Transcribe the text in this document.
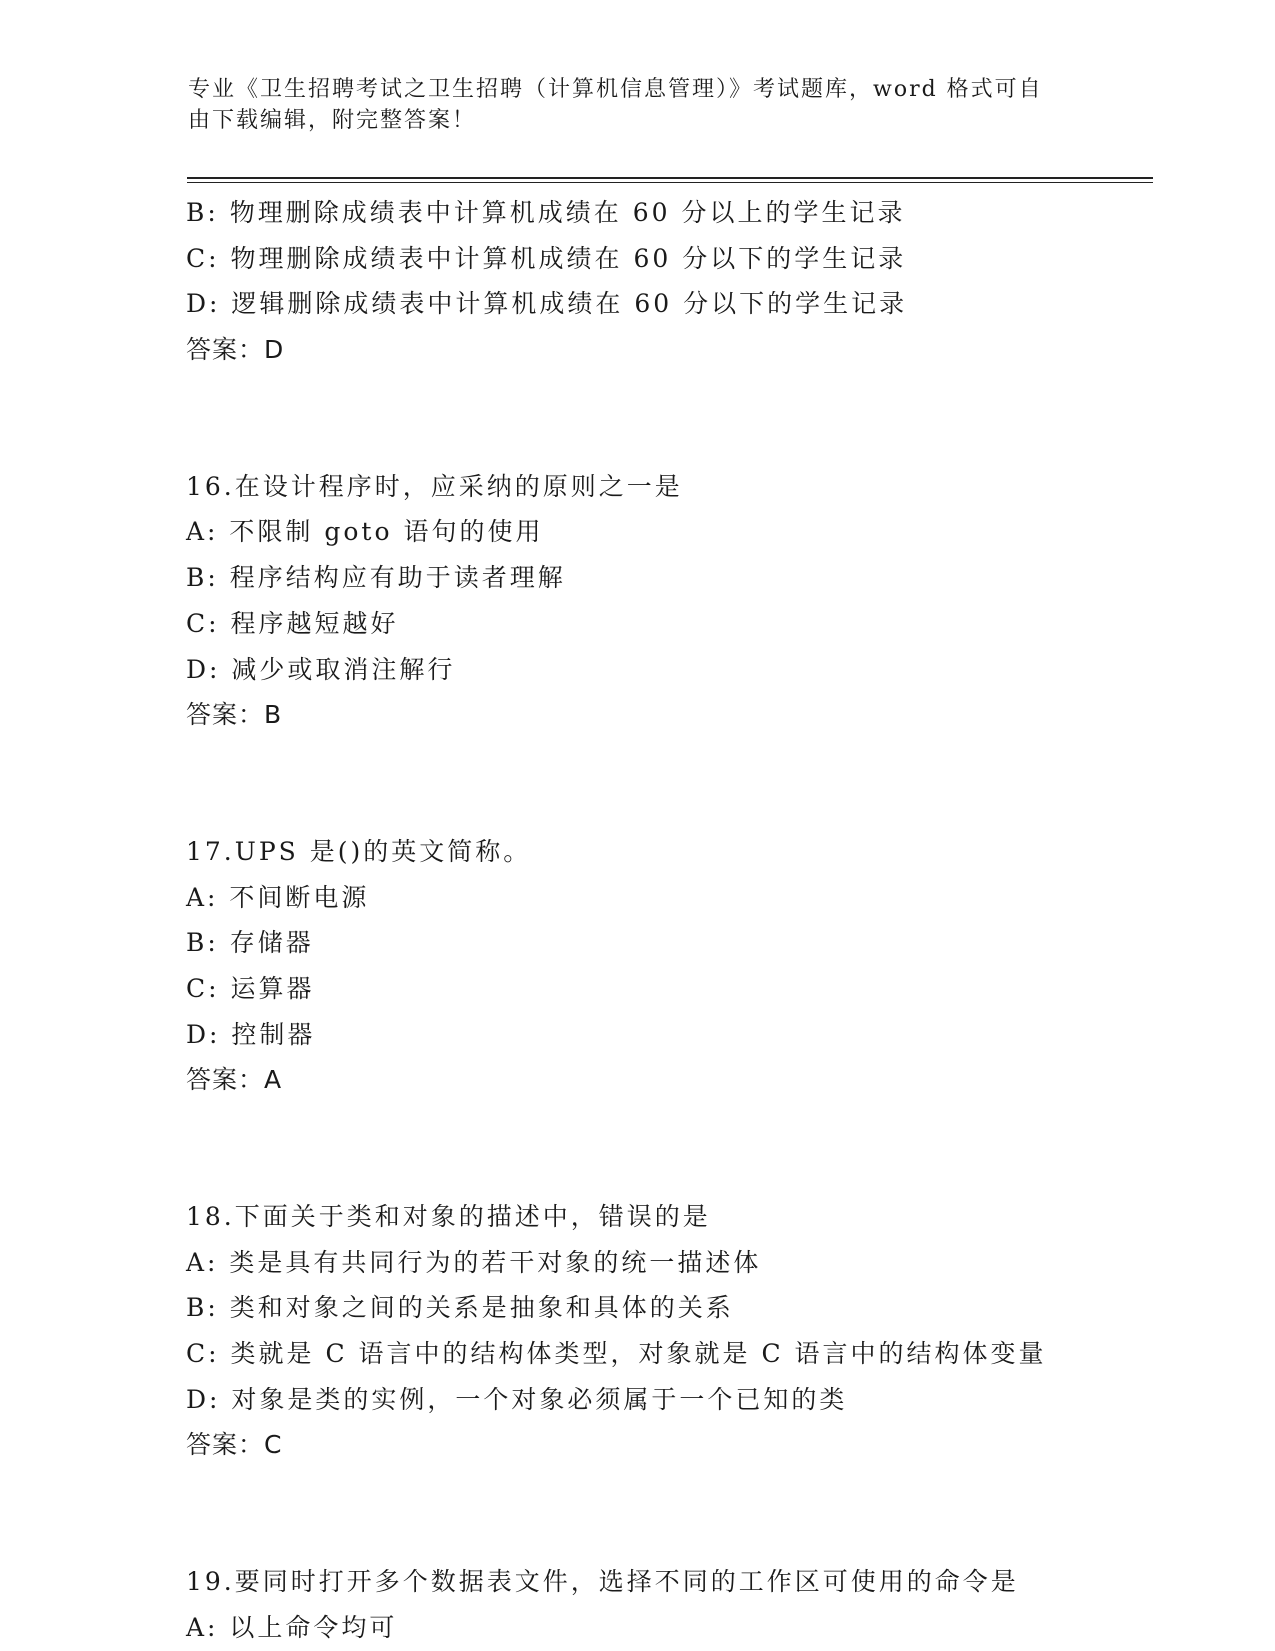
专业《卫生招聘考试之卫生招聘（计算机信息管理）》考试题库，word 格式可自
由下载编辑，附完整答案！
B: 物理删除成绩表中计算机成绩在 60 分以上的学生记录
C: 物理删除成绩表中计算机成绩在 60 分以下的学生记录
D: 逻辑删除成绩表中计算机成绩在 60 分以下的学生记录
答案：D
16.在设计程序时，应采纳的原则之一是
A: 不限制 goto 语句的使用
B: 程序结构应有助于读者理解
C: 程序越短越好
D: 减少或取消注解行
答案：B
17.UPS 是()的英文简称。
A: 不间断电源
B: 存储器
C: 运算器
D: 控制器
答案：A
18.下面关于类和对象的描述中，错误的是
A: 类是具有共同行为的若干对象的统一描述体
B: 类和对象之间的关系是抽象和具体的关系
C: 类就是 C 语言中的结构体类型，对象就是 C 语言中的结构体变量
D: 对象是类的实例，一个对象必须属于一个已知的类
答案：C
19.要同时打开多个数据表文件，选择不同的工作区可使用的命令是
A: 以上命令均可
